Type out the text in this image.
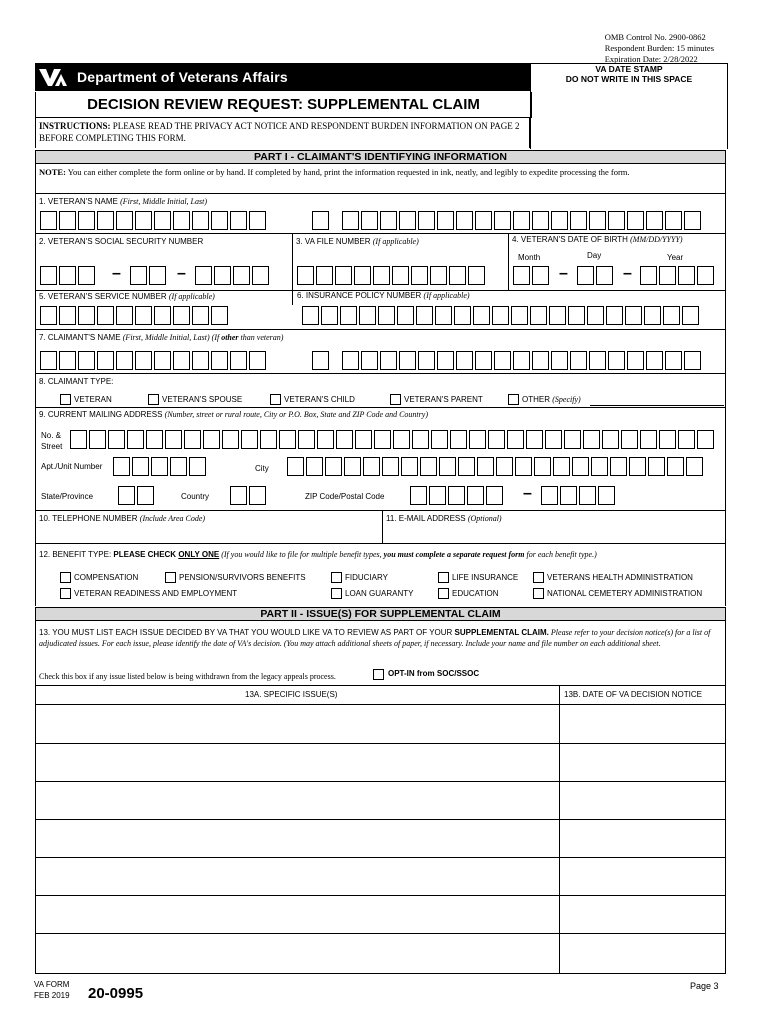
OMB Control No. 2900-0862
Respondent Burden: 15 minutes
Expiration Date: 2/28/2022
Department of Veterans Affairs	VA DATE STAMP
DO NOT WRITE IN THIS SPACE
DECISION REVIEW REQUEST: SUPPLEMENTAL CLAIM
INSTRUCTIONS: PLEASE READ THE PRIVACY ACT NOTICE AND RESPONDENT BURDEN INFORMATION ON PAGE 2 BEFORE COMPLETING THIS FORM.
PART I - CLAIMANT'S IDENTIFYING INFORMATION
NOTE: You can either complete the form online or by hand. If completed by hand, print the information requested in ink, neatly, and legibly to expedite processing the form.
1. VETERAN'S NAME (First, Middle Initial, Last)
2. VETERAN'S SOCIAL SECURITY NUMBER	3. VA FILE NUMBER (If applicable)	4. VETERAN'S DATE OF BIRTH (MM/DD/YYYY)
–	–
Month	Day	Year
–	–
5. VETERAN'S SERVICE NUMBER (If applicable)	6. INSURANCE POLICY NUMBER (If applicable)
7. CLAIMANT'S NAME (First, Middle Initial, Last) (If other than veteran)
8. CLAIMANT TYPE:
VETERAN	VETERAN'S SPOUSE	VETERAN'S CHILD	VETERAN'S PARENT	OTHER (Specify)
9. CURRENT MAILING ADDRESS (Number, street or rural route, City or P.O. Box, State and ZIP Code and Country)
No. &
Street
Apt./Unit Number	City
State/Province	Country	ZIP Code/Postal Code	–
10. TELEPHONE NUMBER (Include Area Code)	11. E-MAIL ADDRESS (Optional)
12. BENEFIT TYPE: PLEASE CHECK ONLY ONE (If you would like to file for multiple benefit types, you must complete a separate request form for each benefit type.)
COMPENSATION	PENSION/SURVIVORS BENEFITS	FIDUCIARY	LIFE INSURANCE	VETERANS HEALTH ADMINISTRATION
VETERAN READINESS AND EMPLOYMENT	LOAN GUARANTY	EDUCATION	NATIONAL CEMETERY ADMINISTRATION
PART II - ISSUE(S) FOR SUPPLEMENTAL CLAIM
13. YOU MUST LIST EACH ISSUE DECIDED BY VA THAT YOU WOULD LIKE VA TO REVIEW AS PART OF YOUR SUPPLEMENTAL CLAIM. Please refer to your decision notice(s) for a list of adjudicated issues. For each issue, please identify the date of VA's decision. (You may attach additional sheets of paper, if necessary. Include your name and file number on each additional sheet.
Check this box if any issue listed below is being withdrawn from the legacy appeals process.	OPT-IN from SOC/SSOC
13A. SPECIFIC ISSUE(S)	13B. DATE OF VA DECISION NOTICE
VA FORM
FEB 2019 20-0995	Page 3
